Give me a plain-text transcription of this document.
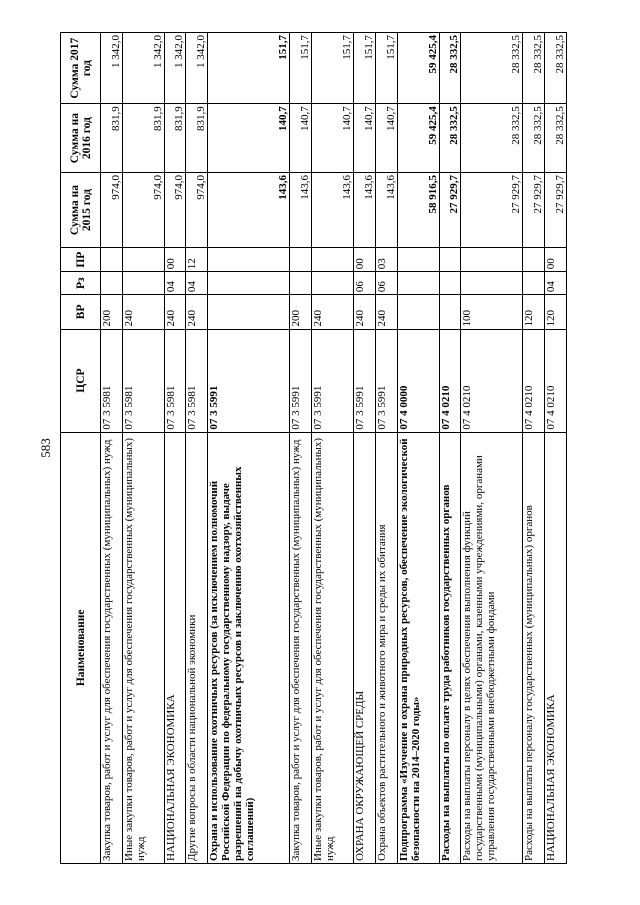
583
Наименование	ЦСР	ВР	Рз	ПР	Сумма на 2015 год	Сумма на 2016 год	Сумма 2017 год
Закупка товаров, работ и услуг для обеспечения государственных (муниципальных) нужд	07 3 5981	200			974,0	831,9	1 342,0
Иные закупки товаров, работ и услуг для обеспечения государственных (муниципальных) нужд	07 3 5981	240			974,0	831,9	1 342,0
НАЦИОНАЛЬНАЯ ЭКОНОМИКА	07 3 5981	240	04	00	974,0	831,9	1 342,0
Другие вопросы в области национальной экономики	07 3 5981	240	04	12	974,0	831,9	1 342,0
Охрана и использование охотничьих ресурсов (за исключением полномочий Российской Федерации по федеральному государственному надзору, выдаче разрешений на добычу охотничьих ресурсов и заключению охотхозяйственных соглашений)	07 3 5991				143,6	140,7	151,7
Закупка товаров, работ и услуг для обеспечения государственных (муниципальных) нужд	07 3 5991	200			143,6	140,7	151,7
Иные закупки товаров, работ и услуг для обеспечения государственных (муниципальных) нужд	07 3 5991	240			143,6	140,7	151,7
ОХРАНА ОКРУЖАЮЩЕЙ СРЕДЫ	07 3 5991	240	06	00	143,6	140,7	151,7
Охрана объектов растительного и животного мира и среды их обитания	07 3 5991	240	06	03	143,6	140,7	151,7
Подпрограмма «Изучение и охрана природных ресурсов, обеспечение экологической безопасности на 2014–2020 годы»	07 4 0000				58 916,5	59 425,4	59 425,4
Расходы на выплаты по оплате труда работников государственных органов	07 4 0210				27 929,7	28 332,5	28 332,5
Расходы на выплаты персоналу в целях обеспечения выполнения функций государственными (муниципальными) органами, казенными учреждениями, органами управления государственными внебюджетными фондами	07 4 0210	100			27 929,7	28 332,5	28 332,5
Расходы на выплаты персоналу государственных (муниципальных) органов	07 4 0210	120			27 929,7	28 332,5	28 332,5
НАЦИОНАЛЬНАЯ ЭКОНОМИКА	07 4 0210	120	04	00	27 929,7	28 332,5	28 332,5
